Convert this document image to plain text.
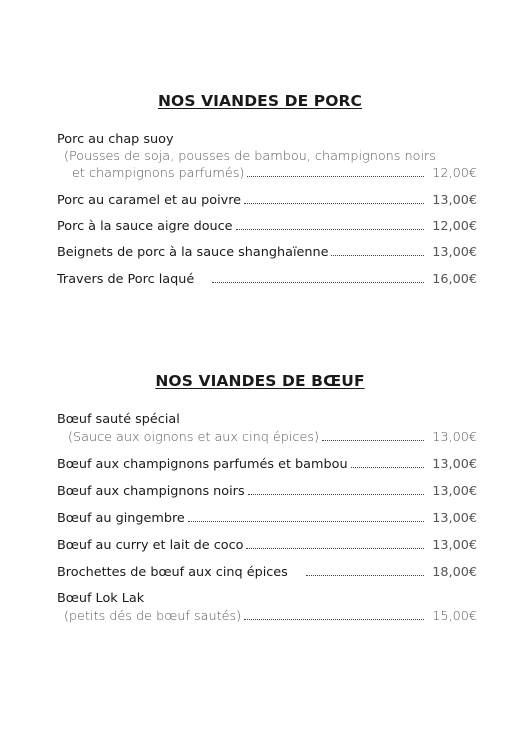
NOS VIANDES DE PORC
Porc au chap suoy
(Pousses de soja, pousses de bambou, champignons noirs
et champignons parfumés)	12,00€
Porc au caramel et au poivre	13,00€
Porc à la sauce aigre douce	12,00€
Beignets de porc à la sauce shanghaïenne	13,00€
Travers de Porc laqué	16,00€
NOS VIANDES DE BŒUF
Bœuf sauté spécial
(Sauce aux oignons et aux cinq épices)	13,00€
Bœuf aux champignons parfumés et bambou	13,00€
Bœuf aux champignons noirs	13,00€
Bœuf au gingembre	13,00€
Bœuf au curry et lait de coco	13,00€
Brochettes de bœuf aux cinq épices	18,00€
Bœuf Lok Lak
(petits dés de bœuf sautés)	15,00€
